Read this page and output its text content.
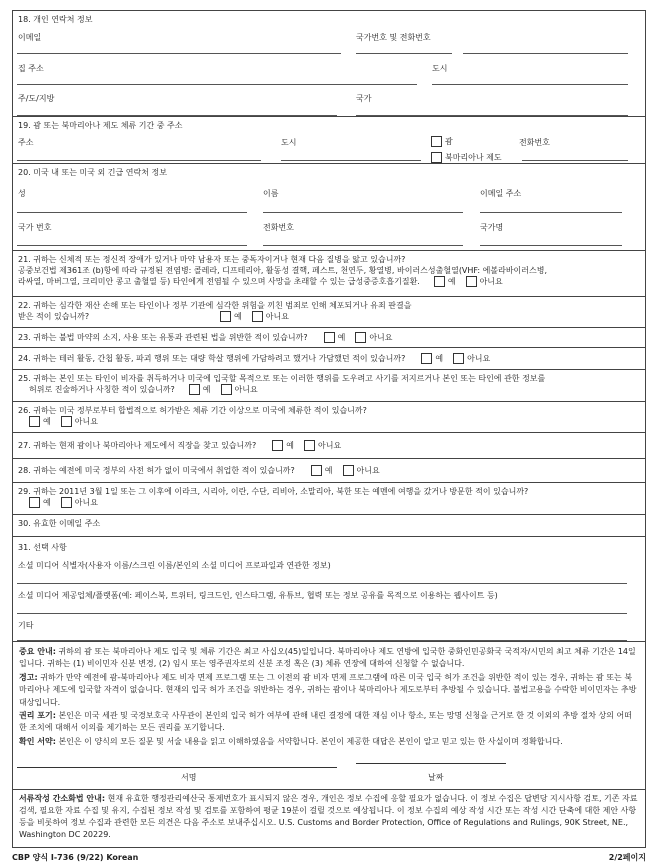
18. 개인 연락처 정보
이메일	국가번호 및 전화번호
집 주소	도시
주/도/지방	국가
19. 괌 또는 북마리아나 제도 체류 기간 중 주소
주소	도시	괌	전화번호
북마리아나 제도
20. 미국 내 또는 미국 외 긴급 연락처 정보
성	이름	이메일 주소
국가 번호	전화번호	국가명
21. 귀하는 신체적 또는 정신적 장애가 있거나 마약 남용자 또는 중독자이거나 현재 다음 질병을 앓고 있습니까?
공중보건법 제361조 (b)항에 따라 규정된 전염병: 콜레라, 디프테리아, 활동성 결핵, 페스트, 천연두, 황열병, 바이러스성출혈열(VHF: 에볼라바이러스병,
라싸열, 마버그열, 크리미안 콩고 출혈열 등) 타인에게 전염될 수 있으며 사망을 초래할 수 있는 급성중증호흡기질환.	예	아니요
22. 귀하는 심각한 재산 손해 또는 타인이나 정부 기관에 심각한 위험을 끼친 범죄로 인해 체포되거나 유죄 판결을
받은 적이 있습니까?	예	아니요
23. 귀하는 불법 마약의 소지, 사용 또는 유통과 관련된 법을 위반한 적이 있습니까?	예	아니요
24. 귀하는 테러 활동, 간첩 활동, 파괴 행위 또는 대량 학살 행위에 가담하려고 했거나 가담했던 적이 있습니까?	예	아니요
25. 귀하는 본인 또는 타인이 비자를 취득하거나 미국에 입국할 목적으로 또는 이러한 행위를 도우려고 사기를 저지르거나 본인 또는 타인에 관한 정보를
허위로 진술하거나 사칭한 적이 있습니까?	예	아니요
26. 귀하는 미국 정부로부터 합법적으로 허가받은 체류 기간 이상으로 미국에 체류한 적이 있습니까?
예	아니요
27. 귀하는 현재 괌이나 북마리아나 제도에서 직장을 찾고 있습니까?	예	아니요
28. 귀하는 예전에 미국 정부의 사전 허가 없이 미국에서 취업한 적이 있습니까?	예	아니요
29. 귀하는 2011년 3월 1일 또는 그 이후에 이라크, 시리아, 이란, 수단, 리비아, 소말리아, 북한 또는 예멘에 여행을 갔거나 방문한 적이 있습니까?
예	아니요
30. 유효한 이메일 주소
31. 선택 사항
소셜 미디어 식별자(사용자 이름/스크린 이름/본인의 소셜 미디어 프로파일과 연관한 정보)
소셜 미디어 제공업체/플랫폼(예: 페이스북, 트위터, 링크드인, 인스타그램, 유튜브, 협력 또는 정보 공유를 목적으로 이용하는 웹사이트 등)
기타

중요 안내: 귀하의 괌 또는 북마리아나 제도 입국 및 체류 기간은 최고 사십오(45)일입니다. 북마리아나 제도 연방에 입국한 중화인민공화국 국적자/시민의 최고 체류 기간은 14일입니다. 귀하는 (1) 비이민자 신분 변경, (2) 임시 또는 영주권자로의 신분 조정 혹은 (3) 체류 연장에 대하여 신청할 수 없습니다.

경고: 귀하가 만약 예전에 괌-북마리아나 제도 비자 면제 프로그램 또는 그 이전의 괌 비자 면제 프로그램에 따른 미국 입국 허가 조건을 위반한 적이 있는 경우, 귀하는 괌 또는 북마리아나 제도에 입국할 자격이 없습니다. 현재의 입국 허가 조건을 위반하는 경우, 귀하는 괌이나 북마리아나 제도로부터 추방될 수 있습니다. 불법고용을 수락한 비이민자는 추방 대상입니다.

권리 포기: 본인은 미국 세관 및 국경보호국 사무관이 본인의 입국 허가 여부에 관해 내린 결정에 대한 재심 이나 항소, 또는 망명 신청을 근거로 한 것 이외의 추방 절차 상의 어떠한 조치에 대해서 이의를 제기하는 모든 권리를 포기합니다.

확인 서약: 본인은 이 양식의 모든 질문 및 서술 내용을 읽고 이해하였음을 서약합니다. 본인이 제공한 대답은 본인이 알고 믿고 있는 한 사실이며 정확합니다.

서명	날짜
서류작성 간소화법 안내: 현재 유효한 행정관리예산국 통제번호가 표시되지 않은 경우, 개인은 정보 수집에 응할 필요가 없습니다. 이 정보 수집은 답변당 지시사항 검토, 기존 자료 검색, 필요한 자료 수집 및 유지, 수집된 정보 작성 및 검토를 포함하여 평균 19분이 걸릴 것으로 예상됩니다. 이 정보 수집의 예상 작성 시간 또는 작성 시간 단축에 대한 제안 사항 등을 비롯하여 정보 수집과 관련한 모든 의견은 다음 주소로 보내주십시오. U.S. Customs and Border Protection, Office of Regulations and Rulings, 90K Street, NE., Washington DC 20229.
CBP 양식 I-736 (9/22) Korean	2/2페이지
